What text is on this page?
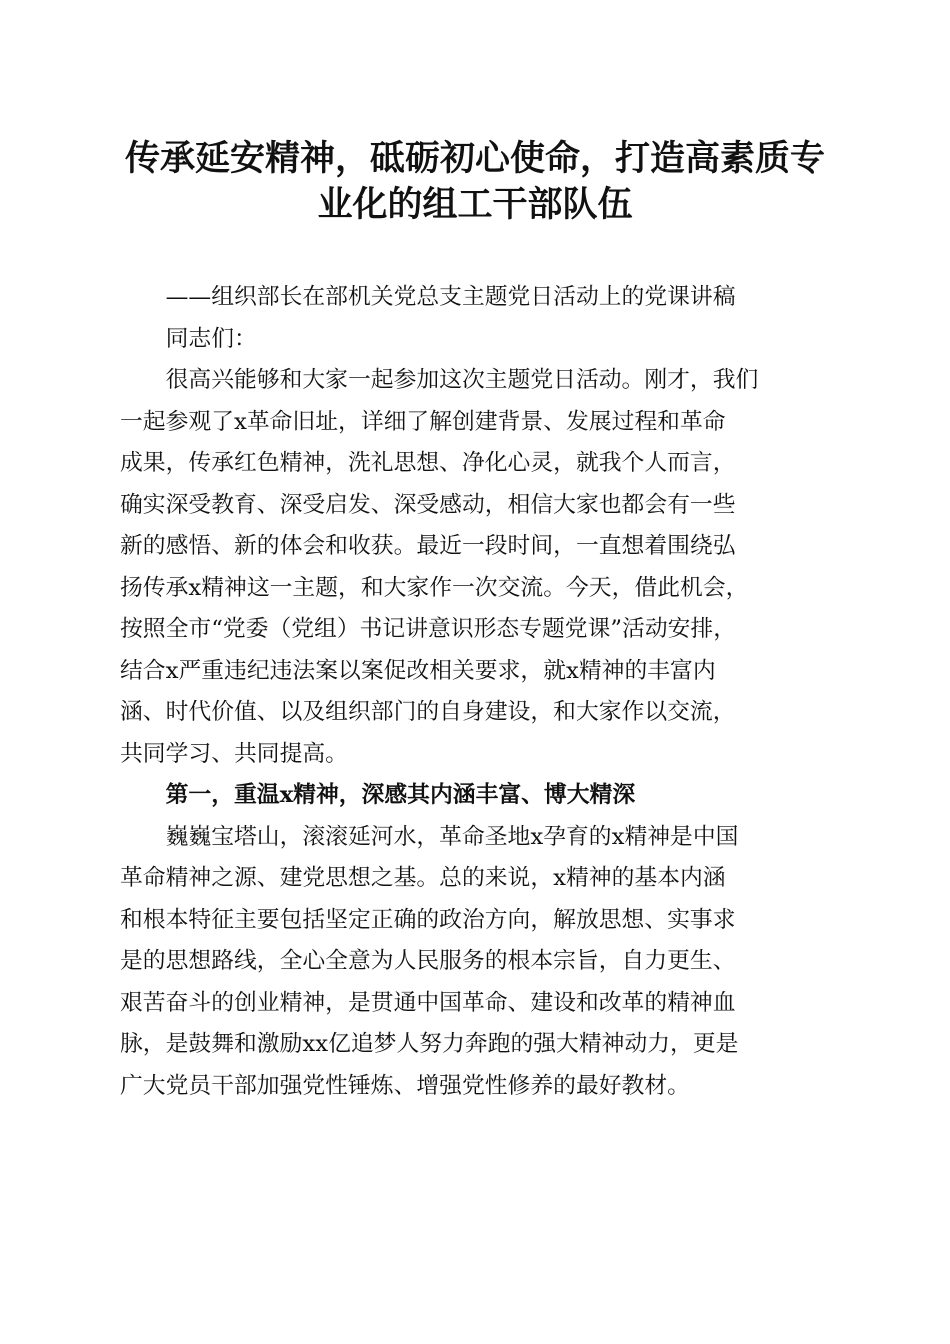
传承延安精神，砥砺初心使命，打造高素质专
业化的组工干部队伍

——组织部长在部机关党总支主题党日活动上的党课讲稿

同志们：

很高兴能够和大家一起参加这次主题党日活动。刚才，我们
一起参观了x革命旧址，详细了解创建背景、发展过程和革命
成果，传承红色精神，洗礼思想、净化心灵，就我个人而言，
确实深受教育、深受启发、深受感动，相信大家也都会有一些
新的感悟、新的体会和收获。最近一段时间，一直想着围绕弘
扬传承x精神这一主题，和大家作一次交流。今天，借此机会，
按照全市“党委（党组）书记讲意识形态专题党课”活动安排，
结合x严重违纪违法案以案促改相关要求，就x精神的丰富内
涵、时代价值、以及组织部门的自身建设，和大家作以交流，
共同学习、共同提高。

第一，重温x精神，深感其内涵丰富、博大精深

巍巍宝塔山，滚滚延河水，革命圣地x孕育的x精神是中国
革命精神之源、建党思想之基。总的来说，x精神的基本内涵
和根本特征主要包括坚定正确的政治方向，解放思想、实事求
是的思想路线，全心全意为人民服务的根本宗旨，自力更生、
艰苦奋斗的创业精神，是贯通中国革命、建设和改革的精神血
脉，是鼓舞和激励xx亿追梦人努力奔跑的强大精神动力，更是
广大党员干部加强党性锤炼、增强党性修养的最好教材。
